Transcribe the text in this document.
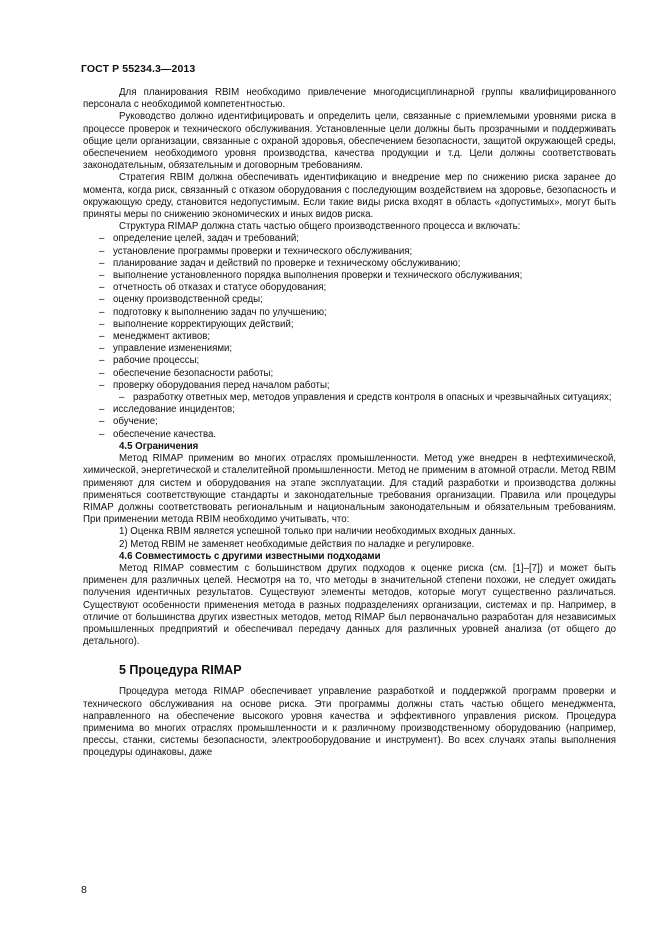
ГОСТ Р 55234.3—2013

Для планирования RBIM необходимо привлечение многодисциплинарной группы квалифицированного персонала с необходимой компетентностью.

Руководство должно идентифицировать и определить цели, связанные с приемлемыми уровнями риска в процессе проверок и технического обслуживания. Установленные цели должны быть прозрачными и поддерживать общие цели организации, связанные с охраной здоровья, обеспечением безопасности, защитой окружающей среды, обеспечением необходимого уровня производства, качества продукции и т.д. Цели должны соответствовать законодательным, обязательным и договорным требованиям.

Стратегия RBIM должна обеспечивать идентификацию и внедрение мер по снижению риска заранее до момента, когда риск, связанный с отказом оборудования с последующим воздействием на здоровье, безопасность и окружающую среду, становится недопустимым. Если такие виды риска входят в область «допустимых», могут быть приняты меры по снижению экономических и иных видов риска.

Структура RIMAP должна стать частью общего производственного процесса и включать:

– определение целей, задач и требований;

– установление программы проверки и технического обслуживания;

– планирование задач и действий по проверке и техническому обслуживанию;

– выполнение установленного порядка выполнения проверки и технического обслуживания;

– отчетность об отказах и статусе оборудования;

– оценку производственной среды;

– подготовку к выполнению задач по улучшению;

– выполнение корректирующих действий;

– менеджмент активов;

– управление изменениями;

– рабочие процессы;

– обеспечение безопасности работы;

– проверку оборудования перед началом работы;

– разработку ответных мер, методов управления и средств контроля в опасных и чрезвычайных ситуациях;

– исследование инцидентов;

– обучение;

– обеспечение качества.

4.5 Ограничения

Метод RIMAP применим во многих отраслях промышленности. Метод уже внедрен в нефтехимической, химической, энергетической и сталелитейной промышленности. Метод не применим в атомной отрасли. Метод RBIM применяют для систем и оборудования на этапе эксплуатации. Для стадий разработки и производства должны применяться соответствующие стандарты и законодательные требования организации. Правила или процедуры RIMAP должны соответствовать региональным и национальным законодательным и обязательным требованиям. При применении метода RBIM необходимо учитывать, что:

1) Оценка RBIM является успешной только при наличии необходимых входных данных.

2) Метод RBIM не заменяет необходимые действия по наладке и регулировке.

4.6 Совместимость с другими известными подходами

Метод RIMAP совместим с большинством других подходов к оценке риска (см. [1]–[7]) и может быть применен для различных целей. Несмотря на то, что методы в значительной степени похожи, не следует ожидать получения идентичных результатов. Существуют элементы методов, которые могут существенно различаться. Существуют особенности применения метода в разных подразделениях организации, системах и пр. Например, в отличие от большинства других известных методов, метод RIMAP был первоначально разработан для независимых промышленных предприятий и обеспечивал передачу данных для различных уровней анализа (от общего до детального).

5 Процедура RIMAP

Процедура метода RIMAP обеспечивает управление разработкой и поддержкой программ проверки и технического обслуживания на основе риска. Эти программы должны стать частью общего менеджмента, направленного на обеспечение высокого уровня качества и эффективного управления риском. Процедура применима во многих отраслях промышленности и к различному производственному оборудованию (например, прессы, станки, системы безопасности, электрооборудование и инструмент). Во всех случаях этапы выполнения процедуры одинаковы, даже

8
